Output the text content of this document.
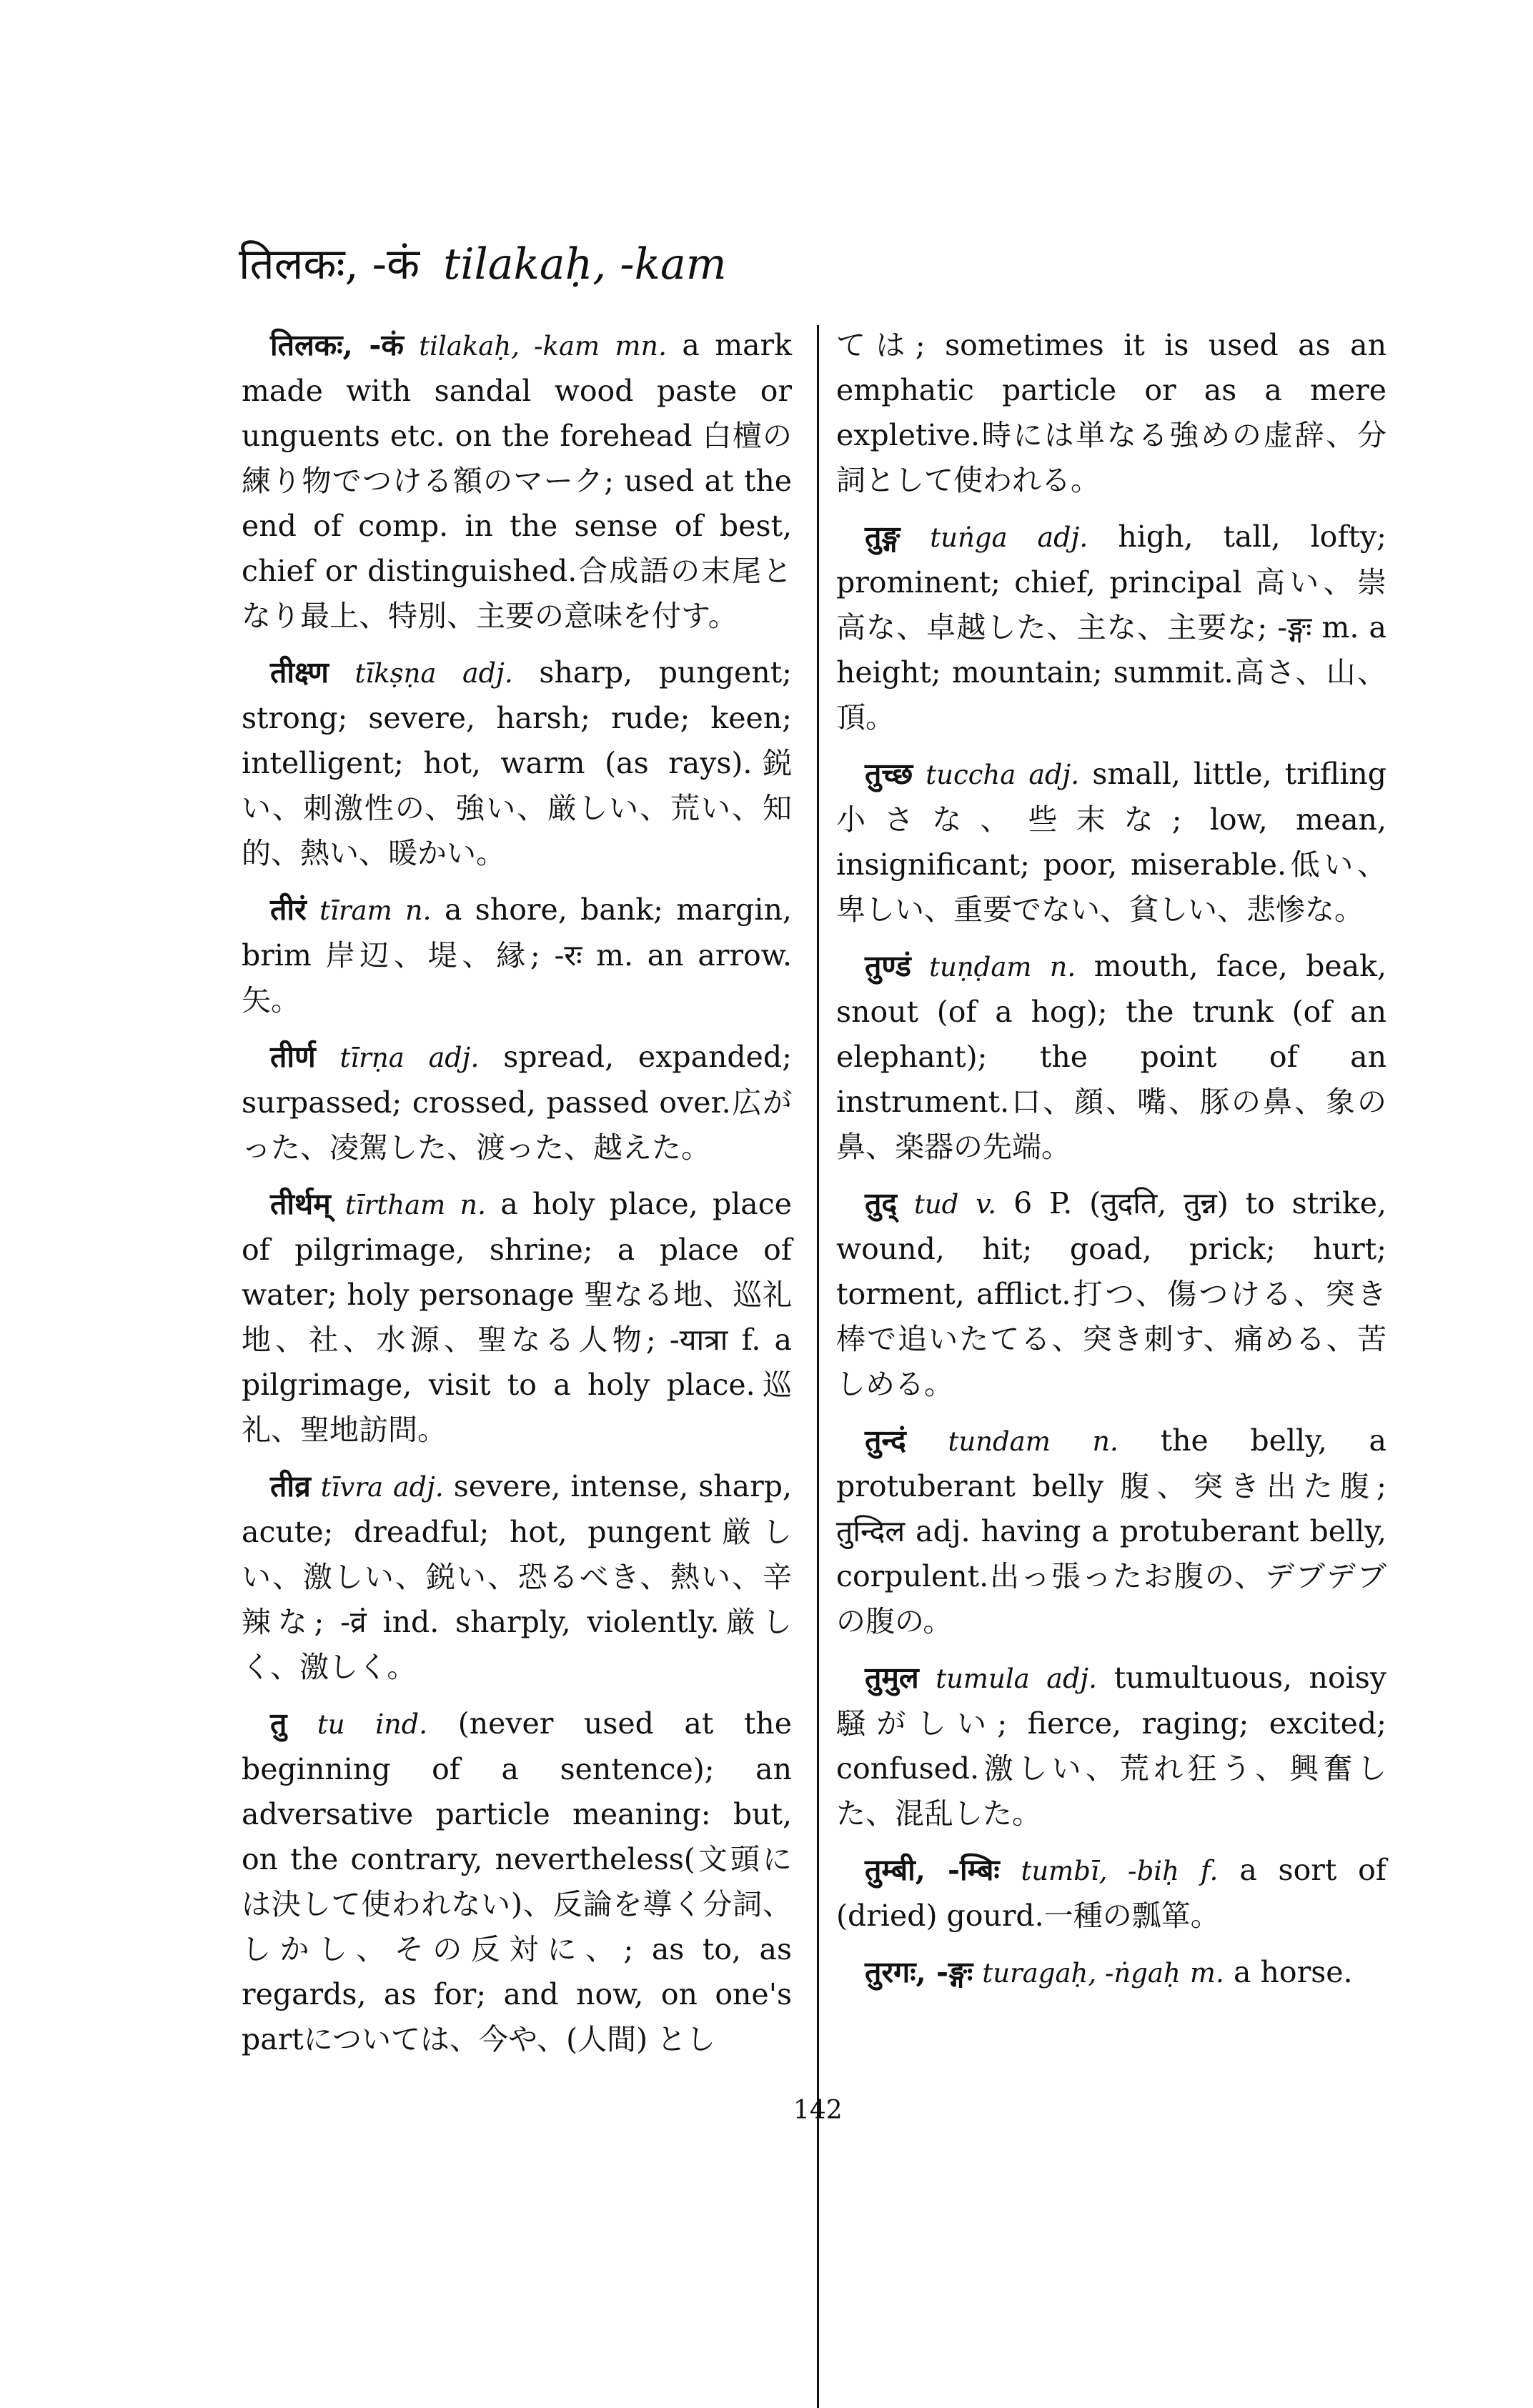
तिलकः, -कं tilakaḥ, -kam

तिलकः, -कं tilakaḥ, -kam mn. a mark made with sandal wood paste or unguents etc. on the forehead 白檀の練り物でつける額のマーク; used at the end of comp. in the sense of best, chief or distinguished.合成語の末尾となり最上、特別、主要の意味を付す。

तीक्ष्ण tīkṣṇa adj. sharp, pungent; strong; severe, harsh; rude; keen; intelligent; hot, warm (as rays).鋭い、刺激性の、強い、厳しい、荒い、知的、熱い、暖かい。

तीरं tīram n. a shore, bank; margin, brim 岸辺、堤、縁; -रः m. an arrow.矢。

तीर्ण tīrṇa adj. spread, expanded; surpassed; crossed, passed over.広がった、凌駕した、渡った、越えた。

तीर्थम् tīrtham n. a holy place, place of pilgrimage, shrine; a place of water; holy personage 聖なる地、巡礼地、社、水源、聖なる人物; -यात्रा f. a pilgrimage, visit to a holy place.巡礼、聖地訪問。

तीव्र tīvra adj. severe, intense, sharp, acute; dreadful; hot, pungent厳しい、激しい、鋭い、恐るべき、熱い、辛辣な; -व्रं ind. sharply, violently.厳しく、激しく。

तु tu ind. (never used at the beginning of a sentence); an adversative particle meaning: but, on the contrary, nevertheless(文頭には決して使われない)、反論を導く分詞、しかし、その反対に、; as to, as regards, as for; and now, on one's partについては、今や、(人間) とし

ては; sometimes it is used as an emphatic particle or as a mere expletive.時には単なる強めの虚辞、分詞として使われる。

तुङ्ग tuṅga adj. high, tall, lofty; prominent; chief, principal 高い、崇高な、卓越した、主な、主要な; -ङ्गः m. a height; mountain; summit.高さ、山、頂。

तुच्छ tuccha adj. small, little, trifling 小さな、些末な; low, mean, insignificant; poor, miserable.低い、卑しい、重要でない、貧しい、悲惨な。

तुण्डं tuṇḍam n. mouth, face, beak, snout (of a hog); the trunk (of an elephant); the point of an instrument.口、顔、嘴、豚の鼻、象の鼻、楽器の先端。

तुद् tud v. 6 P. (तुदति, तुन्न) to strike, wound, hit; goad, prick; hurt; torment, afflict.打つ、傷つける、突き棒で追いたてる、突き刺す、痛める、苦しめる。

तुन्दं tundam n. the belly, a protuberant belly 腹、突き出た腹; तुन्दिल adj. having a protuberant belly, corpulent.出っ張ったお腹の、デブデブの腹の。

तुमुल tumula adj. tumultuous, noisy 騒がしい; fierce, raging; excited; confused.激しい、荒れ狂う、興奮した、混乱した。

तुम्बी, -म्बिः tumbī, -biḥ f. a sort of (dried) gourd.一種の瓢箪。

तुरगः, -ङ्गः turagaḥ, -ṅgaḥ m. a horse.

142
